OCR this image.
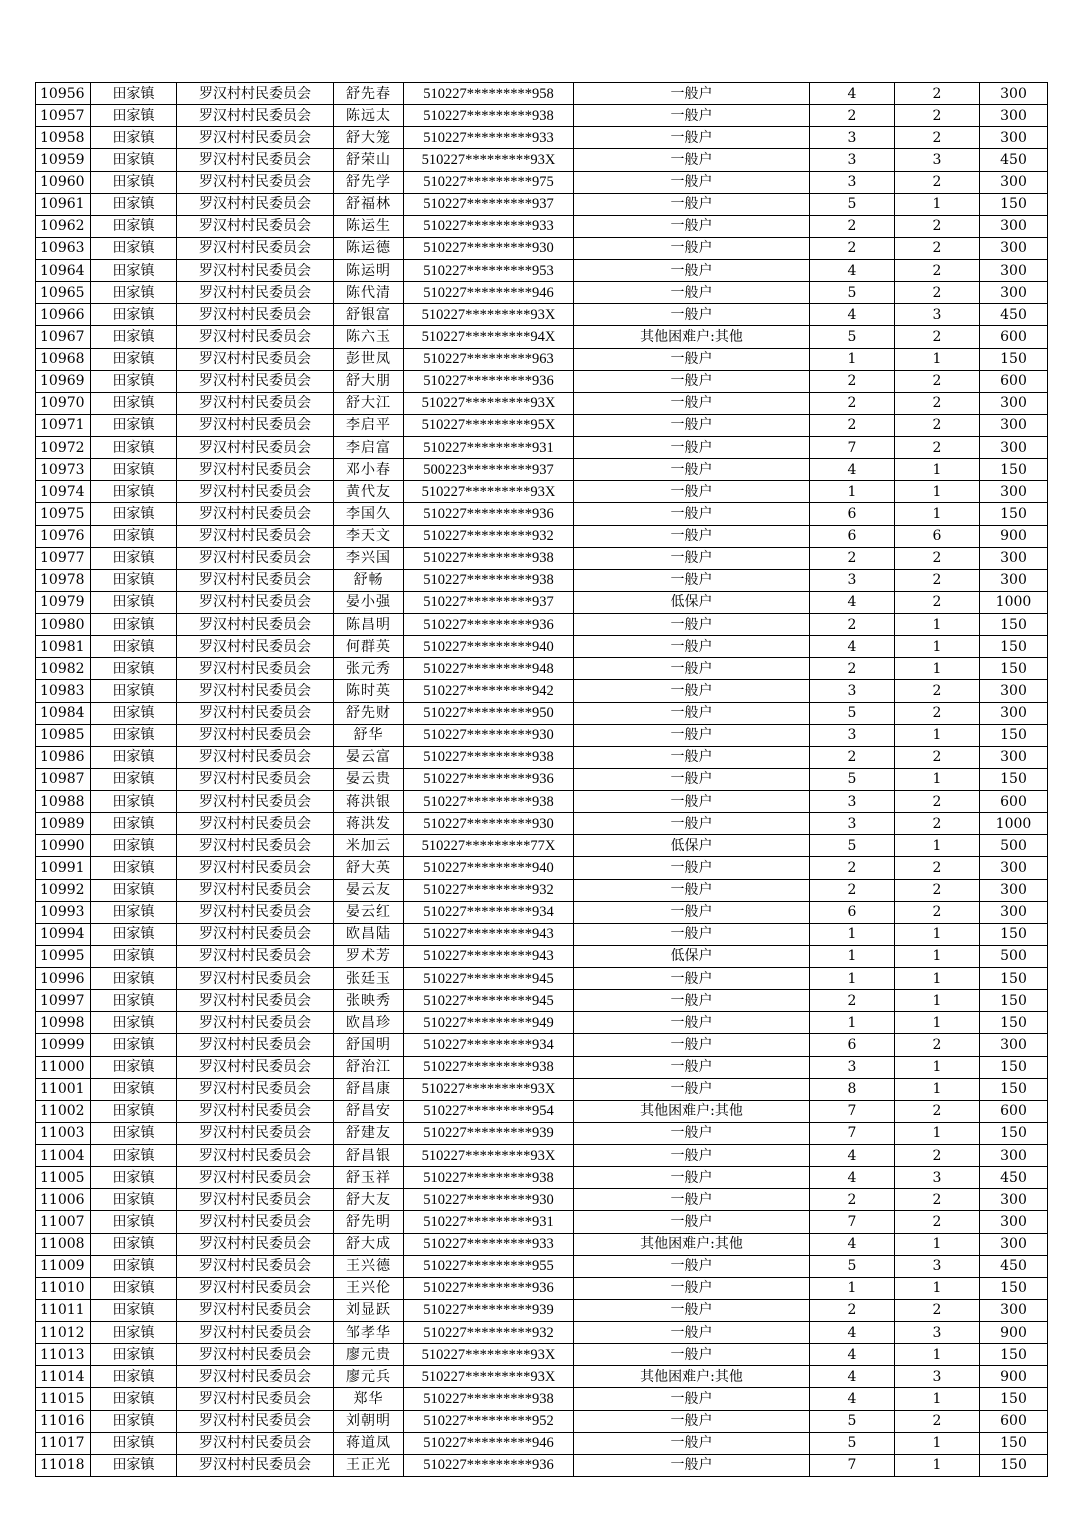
10956	田家镇	罗汉村村民委员会	舒先春	510227*********958	一般户	4	2	300
10957	田家镇	罗汉村村民委员会	陈远太	510227*********938	一般户	2	2	300
10958	田家镇	罗汉村村民委员会	舒大笼	510227*********933	一般户	3	2	300
10959	田家镇	罗汉村村民委员会	舒荣山	510227*********93X	一般户	3	3	450
10960	田家镇	罗汉村村民委员会	舒先学	510227*********975	一般户	3	2	300
10961	田家镇	罗汉村村民委员会	舒福林	510227*********937	一般户	5	1	150
10962	田家镇	罗汉村村民委员会	陈运生	510227*********933	一般户	2	2	300
10963	田家镇	罗汉村村民委员会	陈运德	510227*********930	一般户	2	2	300
10964	田家镇	罗汉村村民委员会	陈运明	510227*********953	一般户	4	2	300
10965	田家镇	罗汉村村民委员会	陈代清	510227*********946	一般户	5	2	300
10966	田家镇	罗汉村村民委员会	舒银富	510227*********93X	一般户	4	3	450
10967	田家镇	罗汉村村民委员会	陈六玉	510227*********94X	其他困难户:其他	5	2	600
10968	田家镇	罗汉村村民委员会	彭世凤	510227*********963	一般户	1	1	150
10969	田家镇	罗汉村村民委员会	舒大朋	510227*********936	一般户	2	2	600
10970	田家镇	罗汉村村民委员会	舒大江	510227*********93X	一般户	2	2	300
10971	田家镇	罗汉村村民委员会	李启平	510227*********95X	一般户	2	2	300
10972	田家镇	罗汉村村民委员会	李启富	510227*********931	一般户	7	2	300
10973	田家镇	罗汉村村民委员会	邓小春	500223*********937	一般户	4	1	150
10974	田家镇	罗汉村村民委员会	黄代友	510227*********93X	一般户	1	1	300
10975	田家镇	罗汉村村民委员会	李国久	510227*********936	一般户	6	1	150
10976	田家镇	罗汉村村民委员会	李天文	510227*********932	一般户	6	6	900
10977	田家镇	罗汉村村民委员会	李兴国	510227*********938	一般户	2	2	300
10978	田家镇	罗汉村村民委员会	舒畅	510227*********938	一般户	3	2	300
10979	田家镇	罗汉村村民委员会	晏小强	510227*********937	低保户	4	2	1000
10980	田家镇	罗汉村村民委员会	陈昌明	510227*********936	一般户	2	1	150
10981	田家镇	罗汉村村民委员会	何群英	510227*********940	一般户	4	1	150
10982	田家镇	罗汉村村民委员会	张元秀	510227*********948	一般户	2	1	150
10983	田家镇	罗汉村村民委员会	陈时英	510227*********942	一般户	3	2	300
10984	田家镇	罗汉村村民委员会	舒先财	510227*********950	一般户	5	2	300
10985	田家镇	罗汉村村民委员会	舒华	510227*********930	一般户	3	1	150
10986	田家镇	罗汉村村民委员会	晏云富	510227*********938	一般户	2	2	300
10987	田家镇	罗汉村村民委员会	晏云贵	510227*********936	一般户	5	1	150
10988	田家镇	罗汉村村民委员会	蒋洪银	510227*********938	一般户	3	2	600
10989	田家镇	罗汉村村民委员会	蒋洪发	510227*********930	一般户	3	2	1000
10990	田家镇	罗汉村村民委员会	米加云	510227*********77X	低保户	5	1	500
10991	田家镇	罗汉村村民委员会	舒大英	510227*********940	一般户	2	2	300
10992	田家镇	罗汉村村民委员会	晏云友	510227*********932	一般户	2	2	300
10993	田家镇	罗汉村村民委员会	晏云红	510227*********934	一般户	6	2	300
10994	田家镇	罗汉村村民委员会	欧昌陆	510227*********943	一般户	1	1	150
10995	田家镇	罗汉村村民委员会	罗术芳	510227*********943	低保户	1	1	500
10996	田家镇	罗汉村村民委员会	张廷玉	510227*********945	一般户	1	1	150
10997	田家镇	罗汉村村民委员会	张映秀	510227*********945	一般户	2	1	150
10998	田家镇	罗汉村村民委员会	欧昌珍	510227*********949	一般户	1	1	150
10999	田家镇	罗汉村村民委员会	舒国明	510227*********934	一般户	6	2	300
11000	田家镇	罗汉村村民委员会	舒治江	510227*********938	一般户	3	1	150
11001	田家镇	罗汉村村民委员会	舒昌康	510227*********93X	一般户	8	1	150
11002	田家镇	罗汉村村民委员会	舒昌安	510227*********954	其他困难户:其他	7	2	600
11003	田家镇	罗汉村村民委员会	舒建友	510227*********939	一般户	7	1	150
11004	田家镇	罗汉村村民委员会	舒昌银	510227*********93X	一般户	4	2	300
11005	田家镇	罗汉村村民委员会	舒玉祥	510227*********938	一般户	4	3	450
11006	田家镇	罗汉村村民委员会	舒大友	510227*********930	一般户	2	2	300
11007	田家镇	罗汉村村民委员会	舒先明	510227*********931	一般户	7	2	300
11008	田家镇	罗汉村村民委员会	舒大成	510227*********933	其他困难户:其他	4	1	300
11009	田家镇	罗汉村村民委员会	王兴德	510227*********955	一般户	5	3	450
11010	田家镇	罗汉村村民委员会	王兴伦	510227*********936	一般户	1	1	150
11011	田家镇	罗汉村村民委员会	刘显跃	510227*********939	一般户	2	2	300
11012	田家镇	罗汉村村民委员会	邹孝华	510227*********932	一般户	4	3	900
11013	田家镇	罗汉村村民委员会	廖元贵	510227*********93X	一般户	4	1	150
11014	田家镇	罗汉村村民委员会	廖元兵	510227*********93X	其他困难户:其他	4	3	900
11015	田家镇	罗汉村村民委员会	郑华	510227*********938	一般户	4	1	150
11016	田家镇	罗汉村村民委员会	刘朝明	510227*********952	一般户	5	2	600
11017	田家镇	罗汉村村民委员会	蒋道凤	510227*********946	一般户	5	1	150
11018	田家镇	罗汉村村民委员会	王正光	510227*********936	一般户	7	1	150
